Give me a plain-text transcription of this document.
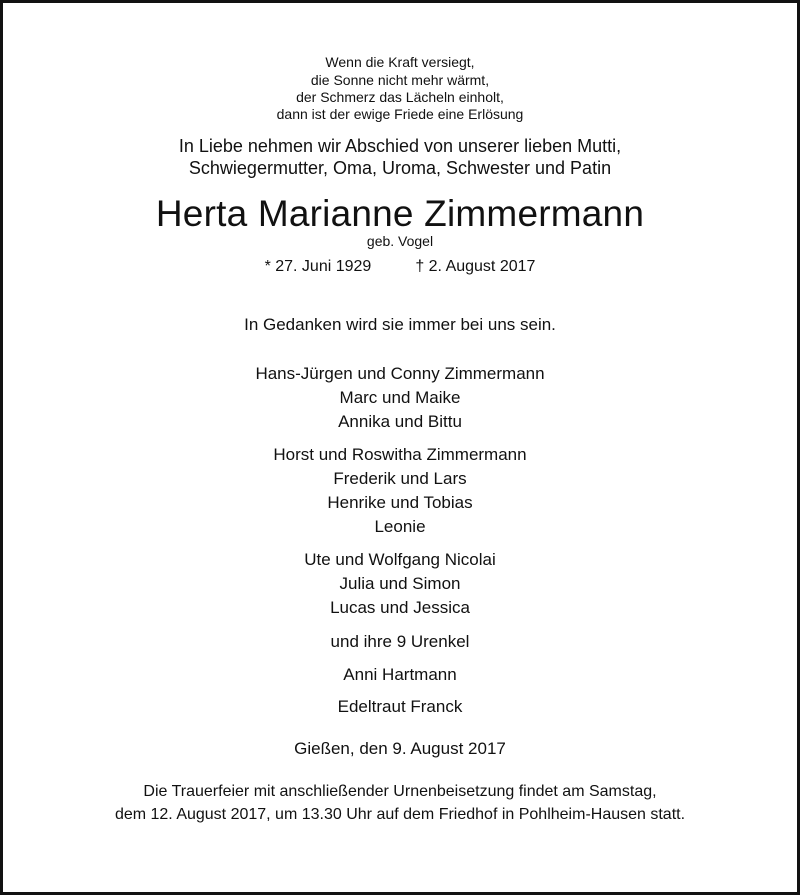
Wenn die Kraft versiegt,
die Sonne nicht mehr wärmt,
der Schmerz das Lächeln einholt,
dann ist der ewige Friede eine Erlösung
In Liebe nehmen wir Abschied von unserer lieben Mutti,
Schwiegermutter, Oma, Uroma, Schwester und Patin
Herta Marianne Zimmermann
geb. Vogel
* 27. Juni 1929	† 2. August 2017
In Gedanken wird sie immer bei uns sein.
Hans-Jürgen und Conny Zimmermann
Marc und Maike
Annika und Bittu
Horst und Roswitha Zimmermann
Frederik und Lars
Henrike und Tobias
Leonie
Ute und Wolfgang Nicolai
Julia und Simon
Lucas und Jessica
und ihre 9 Urenkel
Anni Hartmann
Edeltraut Franck
Gießen, den 9. August 2017
Die Trauerfeier mit anschließender Urnenbeisetzung findet am Samstag,
dem 12. August 2017, um 13.30 Uhr auf dem Friedhof in Pohlheim-Hausen statt.
